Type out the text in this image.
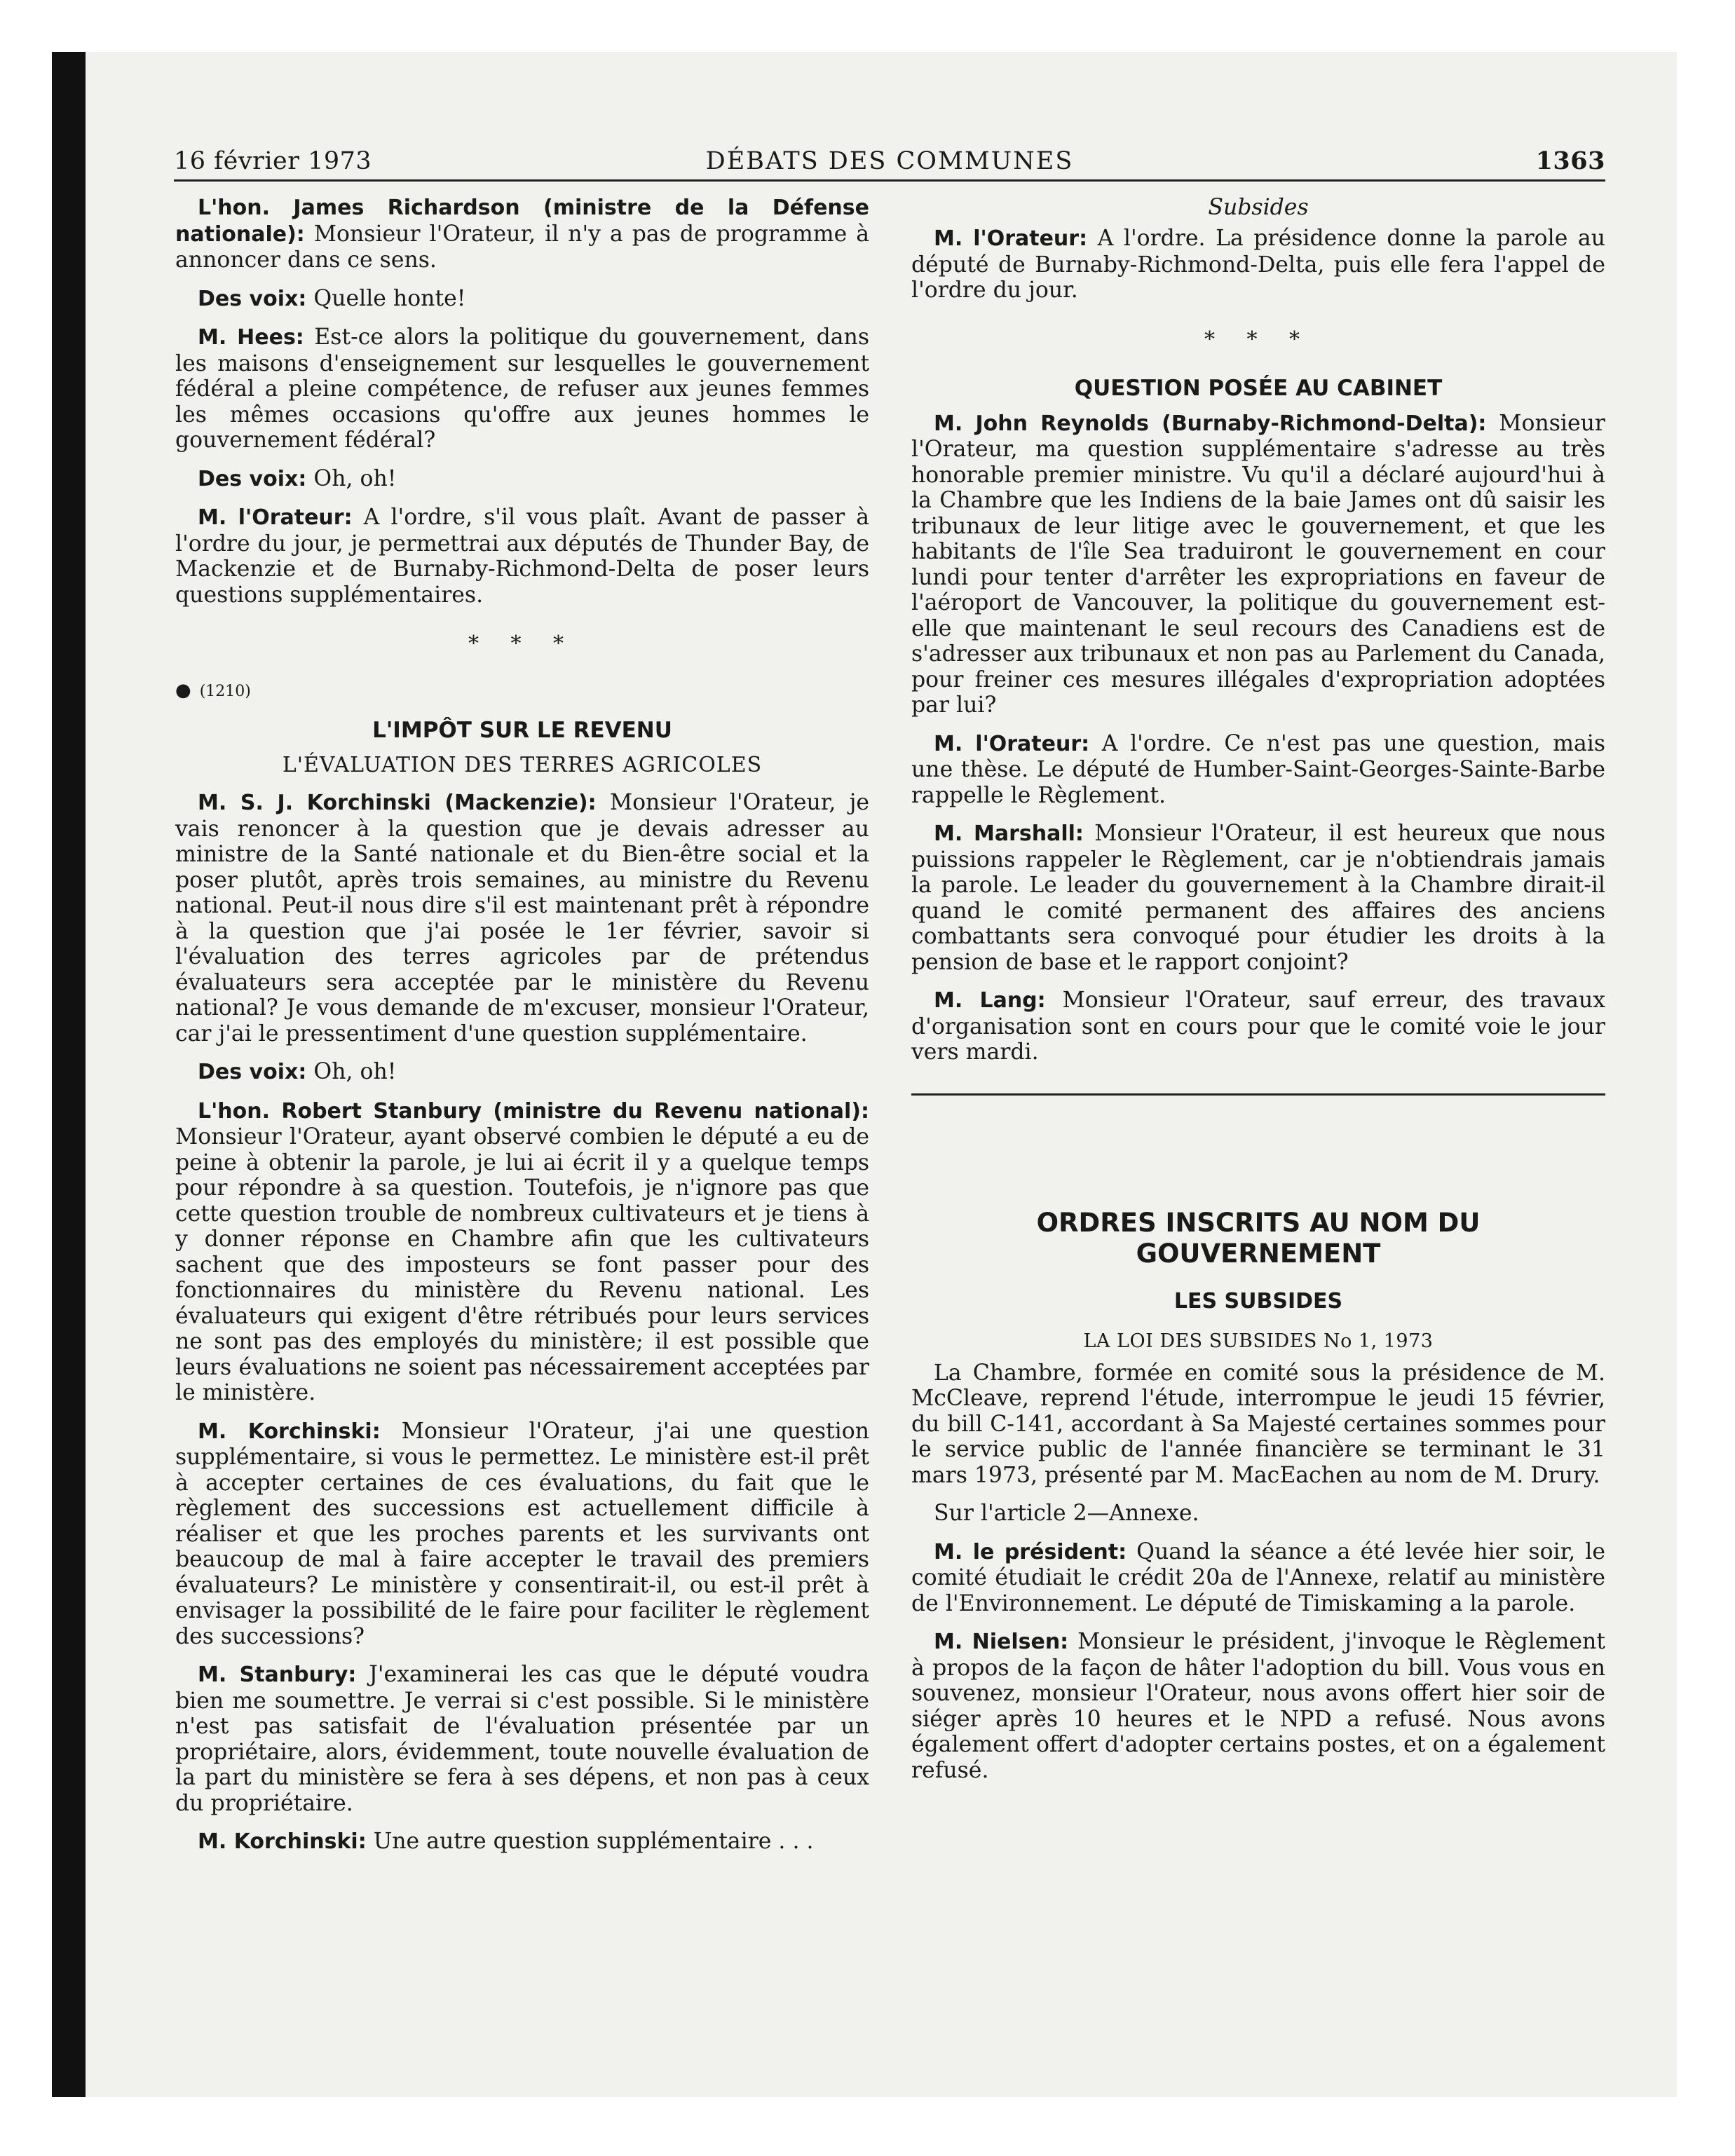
16 février 1973	DÉBATS DES COMMUNES	1363

L'hon. James Richardson (ministre de la Défense nationale): Monsieur l'Orateur, il n'y a pas de programme à annoncer dans ce sens.

Des voix: Quelle honte!

M. Hees: Est-ce alors la politique du gouvernement, dans les maisons d'enseignement sur lesquelles le gouvernement fédéral a pleine compétence, de refuser aux jeunes femmes les mêmes occasions qu'offre aux jeunes hommes le gouvernement fédéral?

Des voix: Oh, oh!

M. l'Orateur: A l'ordre, s'il vous plaît. Avant de passer à l'ordre du jour, je permettrai aux députés de Thunder Bay, de Mackenzie et de Burnaby-Richmond-Delta de poser leurs questions supplémentaires.

* * *
● (1210)
L'IMPÔT SUR LE REVENU
L'ÉVALUATION DES TERRES AGRICOLES

M. S. J. Korchinski (Mackenzie): Monsieur l'Orateur, je vais renoncer à la question que je devais adresser au ministre de la Santé nationale et du Bien-être social et la poser plutôt, après trois semaines, au ministre du Revenu national. Peut-il nous dire s'il est maintenant prêt à répondre à la question que j'ai posée le 1er février, savoir si l'évaluation des terres agricoles par de prétendus évaluateurs sera acceptée par le ministère du Revenu national? Je vous demande de m'excuser, monsieur l'Orateur, car j'ai le pressentiment d'une question supplémentaire.

Des voix: Oh, oh!

L'hon. Robert Stanbury (ministre du Revenu national): Monsieur l'Orateur, ayant observé combien le député a eu de peine à obtenir la parole, je lui ai écrit il y a quelque temps pour répondre à sa question. Toutefois, je n'ignore pas que cette question trouble de nombreux cultivateurs et je tiens à y donner réponse en Chambre afin que les cultivateurs sachent que des imposteurs se font passer pour des fonctionnaires du ministère du Revenu national. Les évaluateurs qui exigent d'être rétribués pour leurs services ne sont pas des employés du ministère; il est possible que leurs évaluations ne soient pas nécessairement acceptées par le ministère.

M. Korchinski: Monsieur l'Orateur, j'ai une question supplémentaire, si vous le permettez. Le ministère est-il prêt à accepter certaines de ces évaluations, du fait que le règlement des successions est actuellement difficile à réaliser et que les proches parents et les survivants ont beaucoup de mal à faire accepter le travail des premiers évaluateurs? Le ministère y consentirait-il, ou est-il prêt à envisager la possibilité de le faire pour faciliter le règlement des successions?

M. Stanbury: J'examinerai les cas que le député voudra bien me soumettre. Je verrai si c'est possible. Si le ministère n'est pas satisfait de l'évaluation présentée par un propriétaire, alors, évidemment, toute nouvelle évaluation de la part du ministère se fera à ses dépens, et non pas à ceux du propriétaire.

M. Korchinski: Une autre question supplémentaire . . .

Subsides

M. l'Orateur: A l'ordre. La présidence donne la parole au député de Burnaby-Richmond-Delta, puis elle fera l'appel de l'ordre du jour.

* * *
QUESTION POSÉE AU CABINET

M. John Reynolds (Burnaby-Richmond-Delta): Monsieur l'Orateur, ma question supplémentaire s'adresse au très honorable premier ministre. Vu qu'il a déclaré aujourd'hui à la Chambre que les Indiens de la baie James ont dû saisir les tribunaux de leur litige avec le gouvernement, et que les habitants de l'île Sea traduiront le gouvernement en cour lundi pour tenter d'arrêter les expropriations en faveur de l'aéroport de Vancouver, la politique du gouvernement est-elle que maintenant le seul recours des Canadiens est de s'adresser aux tribunaux et non pas au Parlement du Canada, pour freiner ces mesures illégales d'expropriation adoptées par lui?

M. l'Orateur: A l'ordre. Ce n'est pas une question, mais une thèse. Le député de Humber-Saint-Georges-Sainte-Barbe rappelle le Règlement.

M. Marshall: Monsieur l'Orateur, il est heureux que nous puissions rappeler le Règlement, car je n'obtiendrais jamais la parole. Le leader du gouvernement à la Chambre dirait-il quand le comité permanent des affaires des anciens combattants sera convoqué pour étudier les droits à la pension de base et le rapport conjoint?

M. Lang: Monsieur l'Orateur, sauf erreur, des travaux d'organisation sont en cours pour que le comité voie le jour vers mardi.

ORDRES INSCRITS AU NOM DU GOUVERNEMENT
LES SUBSIDES
LA LOI DES SUBSIDES No 1, 1973

La Chambre, formée en comité sous la présidence de M. McCleave, reprend l'étude, interrompue le jeudi 15 février, du bill C-141, accordant à Sa Majesté certaines sommes pour le service public de l'année financière se terminant le 31 mars 1973, présenté par M. MacEachen au nom de M. Drury.

Sur l'article 2—Annexe.

M. le président: Quand la séance a été levée hier soir, le comité étudiait le crédit 20a de l'Annexe, relatif au ministère de l'Environnement. Le député de Timiskaming a la parole.

M. Nielsen: Monsieur le président, j'invoque le Règlement à propos de la façon de hâter l'adoption du bill. Vous vous en souvenez, monsieur l'Orateur, nous avons offert hier soir de siéger après 10 heures et le NPD a refusé. Nous avons également offert d'adopter certains postes, et on a également refusé.
